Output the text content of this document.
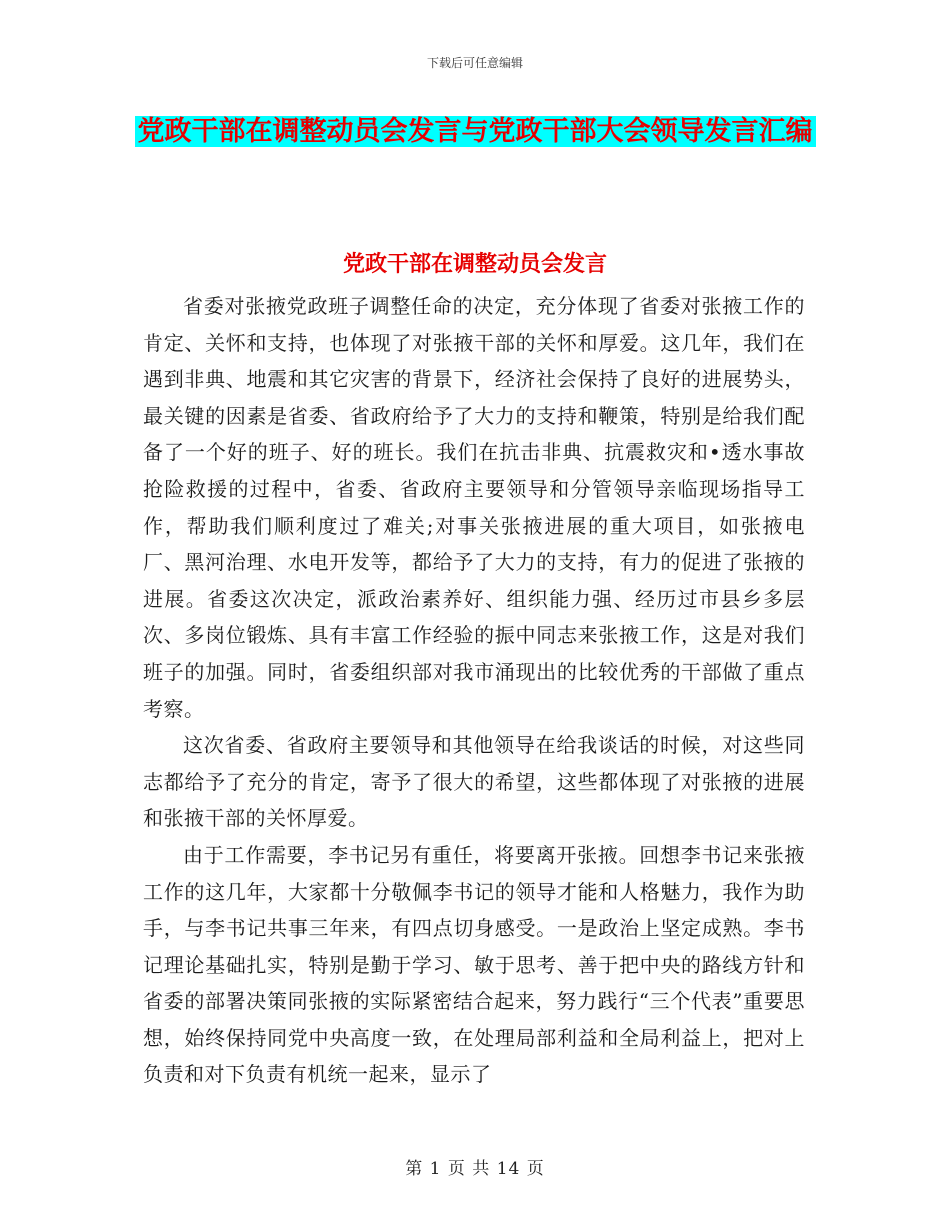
下载后可任意编辑
党政干部在调整动员会发言与党政干部大会领导发言汇编
党政干部在调整动员会发言

省委对张掖党政班子调整任命的决定，充分体现了省委对张掖工作的肯定、关怀和支持，也体现了对张掖干部的关怀和厚爱。这几年，我们在遇到非典、地震和其它灾害的背景下，经济社会保持了良好的进展势头，最关键的因素是省委、省政府给予了大力的支持和鞭策，特别是给我们配备了一个好的班子、好的班长。我们在抗击非典、抗震救灾和•透水事故抢险救援的过程中，省委、省政府主要领导和分管领导亲临现场指导工作，帮助我们顺利度过了难关;对事关张掖进展的重大项目，如张掖电厂、黑河治理、水电开发等，都给予了大力的支持，有力的促进了张掖的进展。省委这次决定，派政治素养好、组织能力强、经历过市县乡多层次、多岗位锻炼、具有丰富工作经验的振中同志来张掖工作，这是对我们班子的加强。同时，省委组织部对我市涌现出的比较优秀的干部做了重点考察。

这次省委、省政府主要领导和其他领导在给我谈话的时候，对这些同志都给予了充分的肯定，寄予了很大的希望，这些都体现了对张掖的进展和张掖干部的关怀厚爱。

由于工作需要，李书记另有重任，将要离开张掖。回想李书记来张掖工作的这几年，大家都十分敬佩李书记的领导才能和人格魅力，我作为助手，与李书记共事三年来，有四点切身感受。一是政治上坚定成熟。李书记理论基础扎实，特别是勤于学习、敏于思考、善于把中央的路线方针和省委的部署决策同张掖的实际紧密结合起来，努力践行“三个代表”重要思想，始终保持同党中央高度一致，在处理局部利益和全局利益上，把对上负责和对下负责有机统一起来，显示了

第 1 页 共 14 页
